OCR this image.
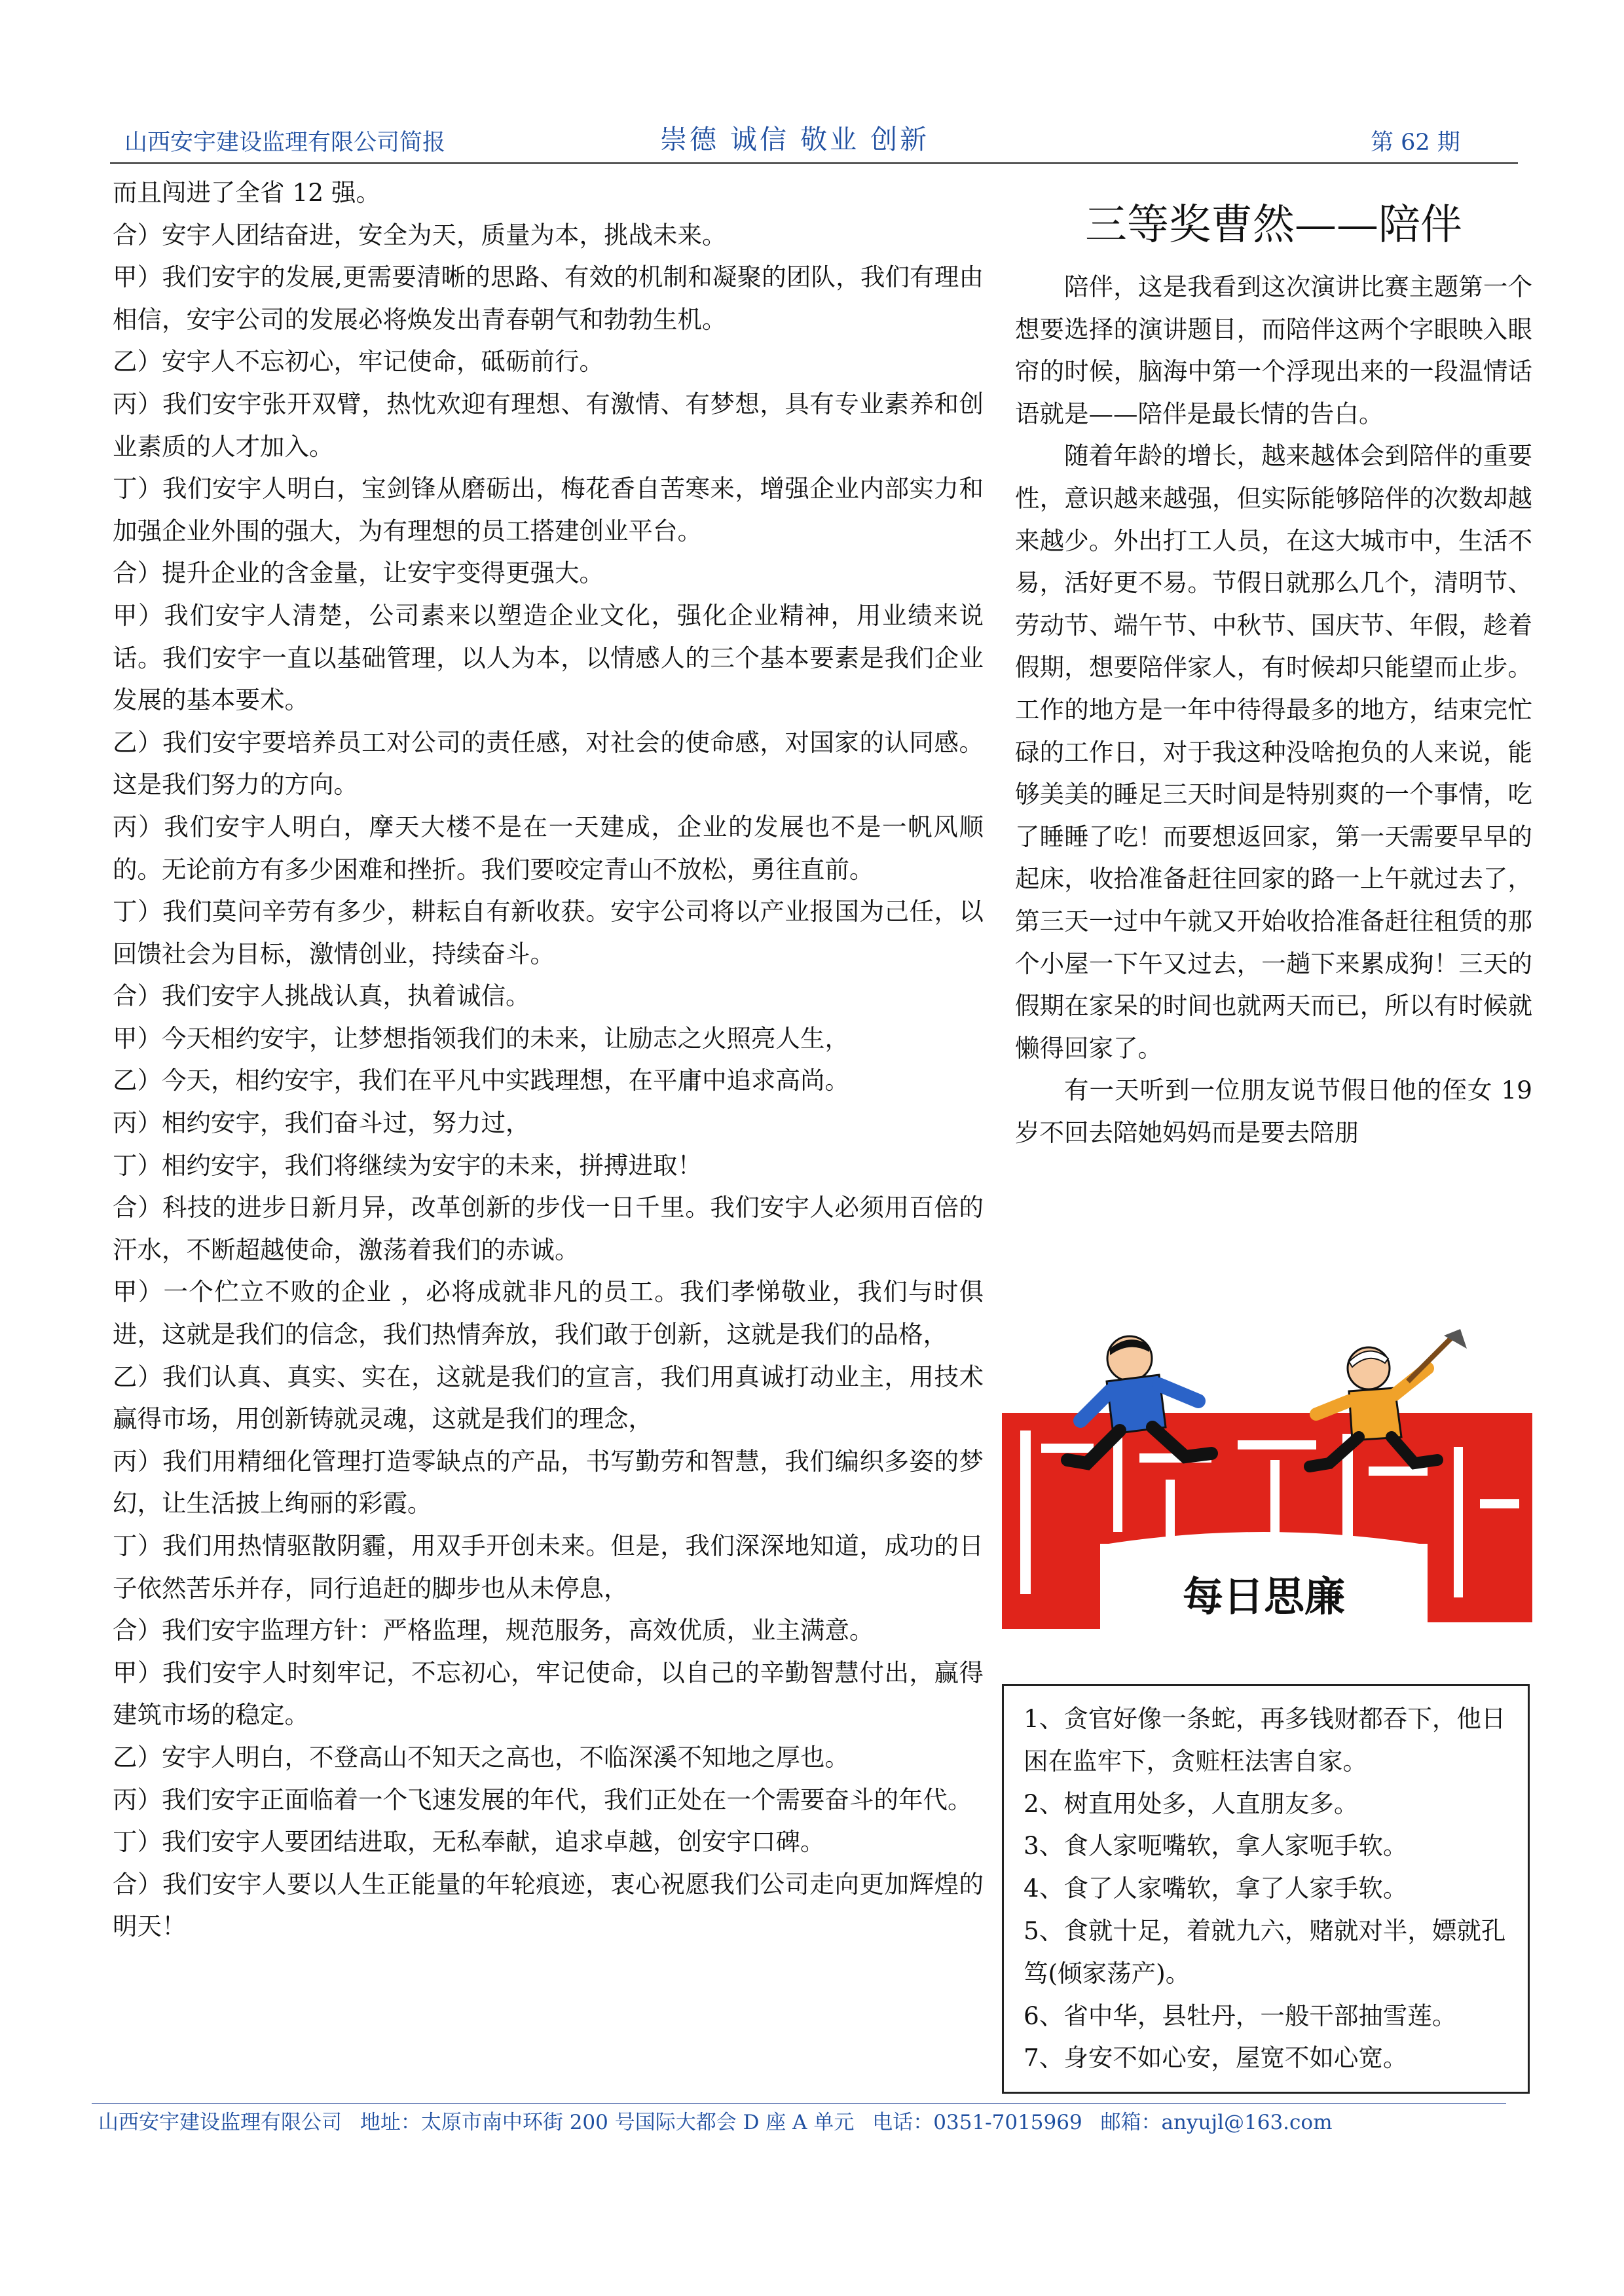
山西安宇建设监理有限公司简报	崇德 诚信 敬业 创新	第 62 期

而且闯进了全省 12 强。

合）安宇人团结奋进，安全为天，质量为本，挑战未来。

甲）我们安宇的发展,更需要清晰的思路、有效的机制和凝聚的团队，我们有理由相信，安宇公司的发展必将焕发出青春朝气和勃勃生机。

乙）安宇人不忘初心，牢记使命，砥砺前行。

丙）我们安宇张开双臂，热忱欢迎有理想、有激情、有梦想，具有专业素养和创业素质的人才加入。

丁）我们安宇人明白，宝剑锋从磨砺出，梅花香自苦寒来，增强企业内部实力和加强企业外围的强大，为有理想的员工搭建创业平台。

合）提升企业的含金量，让安宇变得更强大。

甲）我们安宇人清楚，公司素来以塑造企业文化，强化企业精神，用业绩来说话。我们安宇一直以基础管理，以人为本，以情感人的三个基本要素是我们企业发展的基本要术。

乙）我们安宇要培养员工对公司的责任感，对社会的使命感，对国家的认同感。这是我们努力的方向。

丙）我们安宇人明白，摩天大楼不是在一天建成，企业的发展也不是一帆风顺的。无论前方有多少困难和挫折。我们要咬定青山不放松，勇往直前。

丁）我们莫问辛劳有多少，耕耘自有新收获。安宇公司将以产业报国为己任，以回馈社会为目标，激情创业，持续奋斗。

合）我们安宇人挑战认真，执着诚信。

甲）今天相约安宇，让梦想指领我们的未来，让励志之火照亮人生，

乙）今天，相约安宇，我们在平凡中实践理想，在平庸中追求高尚。

丙）相约安宇，我们奋斗过，努力过，

丁）相约安宇，我们将继续为安宇的未来，拼搏进取！

合）科技的进步日新月异，改革创新的步伐一日千里。我们安宇人必须用百倍的汗水，不断超越使命，激荡着我们的赤诚。

甲）一个伫立不败的企业 ，必将成就非凡的员工。我们孝悌敬业，我们与时俱进，这就是我们的信念，我们热情奔放，我们敢于创新，这就是我们的品格，

乙）我们认真、真实、实在，这就是我们的宣言，我们用真诚打动业主，用技术赢得市场，用创新铸就灵魂，这就是我们的理念，

丙）我们用精细化管理打造零缺点的产品，书写勤劳和智慧，我们编织多姿的梦幻，让生活披上绚丽的彩霞。

丁）我们用热情驱散阴霾，用双手开创未来。但是，我们深深地知道，成功的日子依然苦乐并存，同行追赶的脚步也从未停息，

合）我们安宇监理方针：严格监理，规范服务，高效优质，业主满意。

甲）我们安宇人时刻牢记，不忘初心，牢记使命，以自己的辛勤智慧付出，赢得建筑市场的稳定。

乙）安宇人明白，不登高山不知天之高也，不临深溪不知地之厚也。

丙）我们安宇正面临着一个飞速发展的年代，我们正处在一个需要奋斗的年代。

丁）我们安宇人要团结进取，无私奉献，追求卓越，创安宇口碑。

合）我们安宇人要以人生正能量的年轮痕迹，衷心祝愿我们公司走向更加辉煌的明天！

三等奖曹然——陪伴

陪伴，这是我看到这次演讲比赛主题第一个想要选择的演讲题目，而陪伴这两个字眼映入眼帘的时候，脑海中第一个浮现出来的一段温情话语就是——陪伴是最长情的告白。

随着年龄的增长，越来越体会到陪伴的重要性，意识越来越强，但实际能够陪伴的次数却越来越少。外出打工人员，在这大城市中，生活不易，活好更不易。节假日就那么几个，清明节、劳动节、端午节、中秋节、国庆节、年假，趁着假期，想要陪伴家人，有时候却只能望而止步。工作的地方是一年中待得最多的地方，结束完忙碌的工作日，对于我这种没啥抱负的人来说，能够美美的睡足三天时间是特别爽的一个事情，吃了睡睡了吃！而要想返回家，第一天需要早早的起床，收拾准备赶往回家的路一上午就过去了，第三天一过中午就又开始收拾准备赶往租赁的那个小屋一下午又过去，一趟下来累成狗！三天的假期在家呆的时间也就两天而已，所以有时候就懒得回家了。

有一天听到一位朋友说节假日他的侄女 19 岁不回去陪她妈妈而是要去陪朋

每日思廉
1、贪官好像一条蛇，再多钱财都吞下，他日困在监牢下，贪赃枉法害自家。
2、树直用处多，人直朋友多。
3、食人家呃嘴软，拿人家呃手软。
4、食了人家嘴软，拿了人家手软。
5、食就十足，着就九六，赌就对半，嫖就孔笃(倾家荡产)。
6、省中华，县牡丹，一般干部抽雪莲。
7、身安不如心安，屋宽不如心宽。
山西安宇建设监理有限公司 地址：太原市南中环街 200 号国际大都会 D 座 A 单元 电话：0351-7015969 邮箱：anyujl@163.com
